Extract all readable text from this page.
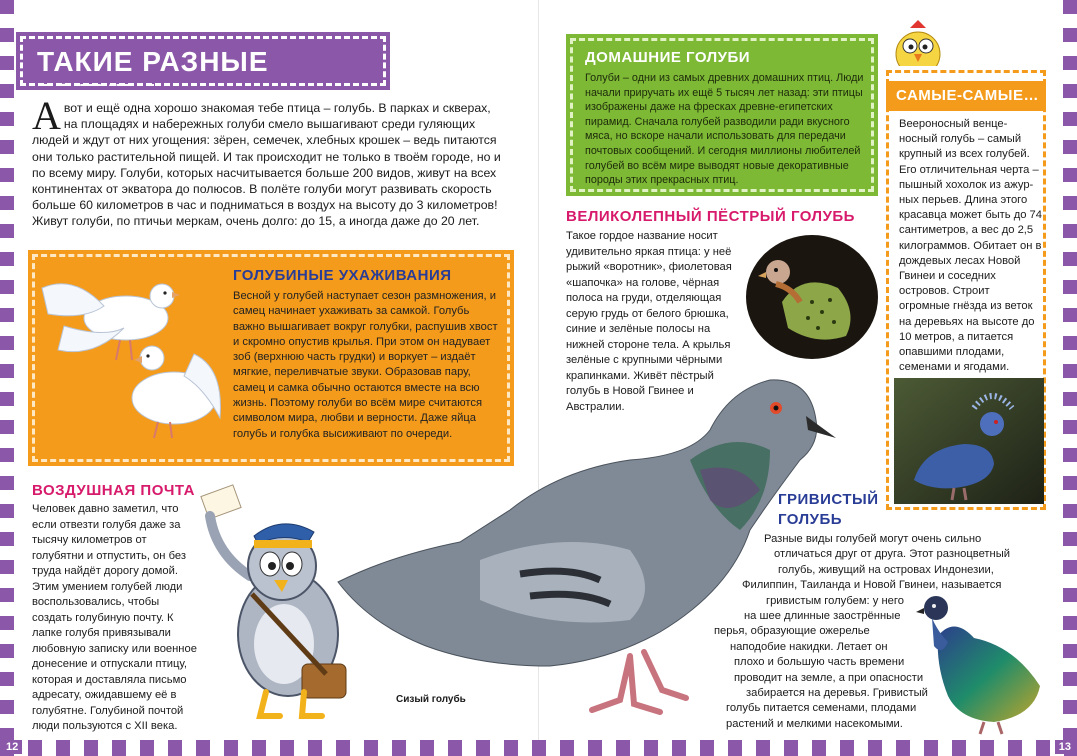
12	13
ТАКИЕ РАЗНЫЕ ГОЛУБИ
А вот и ещё одна хорошо знакомая тебе птица – голубь. В парках и скверах, на площадях и набережных голуби смело вышагивают среди гуляющих людей и ждут от них угощения: зёрен, семечек, хлебных крошек – ведь питаются они только растительной пищей. И так происходит не только в твоём городе, но и по всему миру. Голуби, которых насчитывается больше 200 видов, живут на всех континентах от экватора до полюсов. В полёте голуби могут развивать скорость больше 60 километров в час и подниматься в воздух на высоту до 3 километров! Живут голуби, по птичьи меркам, очень долго: до 15, а иногда даже до 20 лет.
ГОЛУБИНЫЕ УХАЖИВАНИЯ

Весной у голубей наступает сезон размножения, и самец начинает ухаживать за самкой. Голубь важно вышагивает вокруг голубки, распушив хвост и скромно опустив крылья. При этом он надувает зоб (верхнюю часть грудки) и воркует – издаёт мягкие, переливчатые звуки. Образовав пару, самец и самка обычно остаются вместе на всю жизнь. Поэтому голуби во всём мире считаются символом мира, любви и верности. Даже яйца голубь и голубка высиживают по очереди.

ВОЗДУШНАЯ ПОЧТА
Человек давно заметил, что если отвезти голубя даже за тысячу километров от голубятни и отпустить, он без труда найдёт дорогу домой. Этим умением голубей люди воспользовались, чтобы создать голубиную почту. К лапке голубя привязывали любовную записку или военное донесение и отпускали птицу, которая и доставляла письмо адресату, ожидавшему её в голубятне. Голубиной почтой люди пользуются с XII века.
Сизый голубь
ДОМАШНИЕ ГОЛУБИ

Голуби – одни из самых древних домашних птиц. Люди начали приручать их ещё 5 тысяч лет назад: эти птицы изображены даже на фресках древне-египетских пирамид. Сначала голубей разводили ради вкусного мяса, но вскоре начали использовать для передачи почтовых сообщений. И сегодня миллионы любителей голубей во всём мире выводят новые декоративные породы этих прекрасных птиц.

САМЫЕ-САМЫЕ…

Веероносный венце-носный голубь – самый крупный из всех голубей. Его отличительная черта – пышный хохолок из ажур-ных перьев. Длина этого красавца может быть до 74 сантиметров, а вес до 2,5 килограммов. Обитает он в дождевых лесах Новой Гвинеи и соседних островов. Строит огромные гнёзда из веток на деревьях на высоте до 10 метров, а питается опавшими плодами, семенами и ягодами.

ВЕЛИКОЛЕПНЫЙ ПЁСТРЫЙ ГОЛУБЬ
Такое гордое название носит удивительно яркая птица: у неё рыжий «воротник», фиолетовая «шапочка» на голове, чёрная полоса на груди, отделяющая серую грудь от белого брюшка, синие и зелёные полосы на нижней стороне тела. А крылья зелёные с крупными чёрными крапинками. Живёт пёстрый голубь в Новой Гвинее и Австралии.
ГРИВИСТЫЙ
ГОЛУБЬ
Разные виды голубей могут очень сильно
отличаться друг от друга. Этот разноцветный
голубь, живущий на островах Индонезии,
Филиппин, Таиланда и Новой Гвинеи, называется
гривистым голубем: у него
на шее длинные заострённые
перья, образующие ожерелье
наподобие накидки. Летает он
плохо и большую часть времени
проводит на земле, а при опасности
забирается на деревья. Гривистый
голубь питается семенами, плодами
растений и мелкими насекомыми.
